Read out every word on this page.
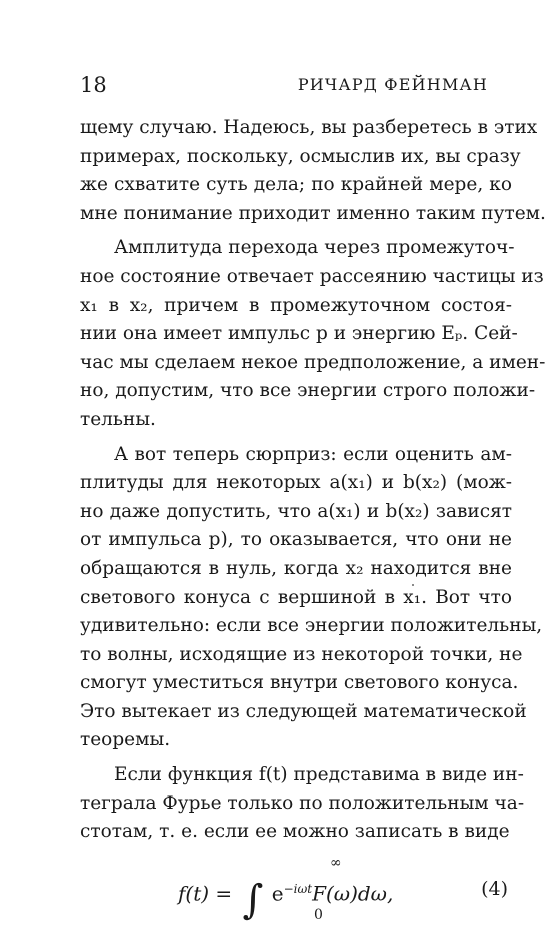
18	РИЧАРД ФЕЙНМАН
щему случаю. Надеюсь, вы разберетесь в этих
примерах, поскольку, осмыслив их, вы сразу
же схватите суть дела; по крайней мере, ко
мне понимание приходит именно таким путем.
Амплитуда перехода через промежуточ-
ное состояние отвечает рассеянию частицы из
x₁ в x₂, причем в промежуточном состоя-
нии она имеет импульс p и энергию Eₚ. Сей-
час мы сделаем некое предположение, а имен-
но, допустим, что все энергии строго положи-
тельны.
А вот теперь сюрприз: если оценить ам-
плитуды для некоторых a(x₁) и b(x₂) (мож-
но даже допустить, что a(x₁) и b(x₂) зависят
от импульса p), то оказывается, что они не
обращаются в нуль, когда x₂ находится вне
светового конуса с вершиной в x₁. Вот что
удивительно: если все энергии положительны,
то волны, исходящие из некоторой точки, не
смогут уместиться внутри светового конуса.
Это вытекает из следующей математической
теоремы.
Если функция f(t) представима в виде ин-
теграла Фурье только по положительным ча-
стотам, т. е. если ее можно записать в виде
f(t) = ∫ $e^{-i\omega t}F(\omega)d\omega$,
∞
0
(4)
